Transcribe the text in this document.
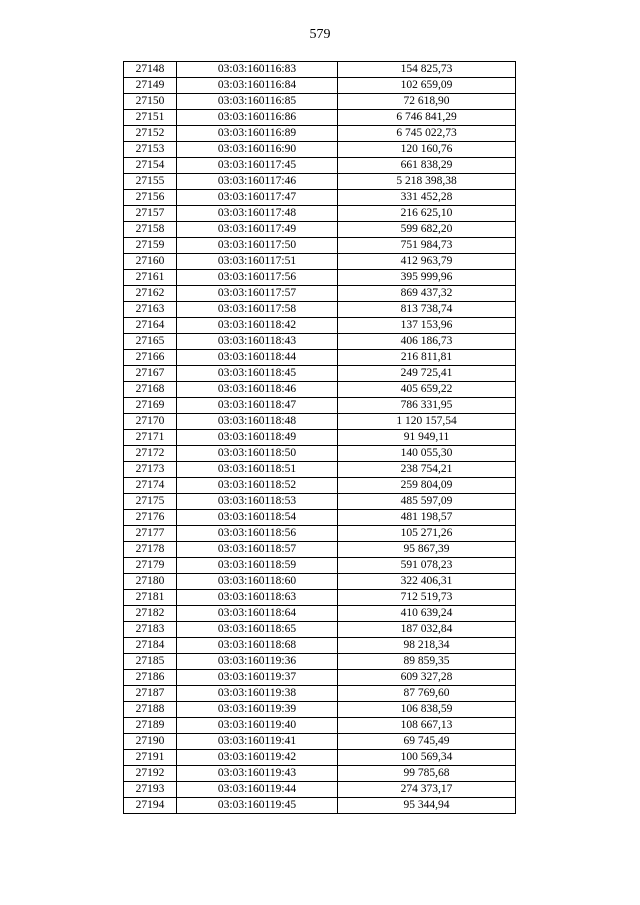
579
27148	03:03:160116:83	154 825,73
27149	03:03:160116:84	102 659,09
27150	03:03:160116:85	72 618,90
27151	03:03:160116:86	6 746 841,29
27152	03:03:160116:89	6 745 022,73
27153	03:03:160116:90	120 160,76
27154	03:03:160117:45	661 838,29
27155	03:03:160117:46	5 218 398,38
27156	03:03:160117:47	331 452,28
27157	03:03:160117:48	216 625,10
27158	03:03:160117:49	599 682,20
27159	03:03:160117:50	751 984,73
27160	03:03:160117:51	412 963,79
27161	03:03:160117:56	395 999,96
27162	03:03:160117:57	869 437,32
27163	03:03:160117:58	813 738,74
27164	03:03:160118:42	137 153,96
27165	03:03:160118:43	406 186,73
27166	03:03:160118:44	216 811,81
27167	03:03:160118:45	249 725,41
27168	03:03:160118:46	405 659,22
27169	03:03:160118:47	786 331,95
27170	03:03:160118:48	1 120 157,54
27171	03:03:160118:49	91 949,11
27172	03:03:160118:50	140 055,30
27173	03:03:160118:51	238 754,21
27174	03:03:160118:52	259 804,09
27175	03:03:160118:53	485 597,09
27176	03:03:160118:54	481 198,57
27177	03:03:160118:56	105 271,26
27178	03:03:160118:57	95 867,39
27179	03:03:160118:59	591 078,23
27180	03:03:160118:60	322 406,31
27181	03:03:160118:63	712 519,73
27182	03:03:160118:64	410 639,24
27183	03:03:160118:65	187 032,84
27184	03:03:160118:68	98 218,34
27185	03:03:160119:36	89 859,35
27186	03:03:160119:37	609 327,28
27187	03:03:160119:38	87 769,60
27188	03:03:160119:39	106 838,59
27189	03:03:160119:40	108 667,13
27190	03:03:160119:41	69 745,49
27191	03:03:160119:42	100 569,34
27192	03:03:160119:43	99 785,68
27193	03:03:160119:44	274 373,17
27194	03:03:160119:45	95 344,94
